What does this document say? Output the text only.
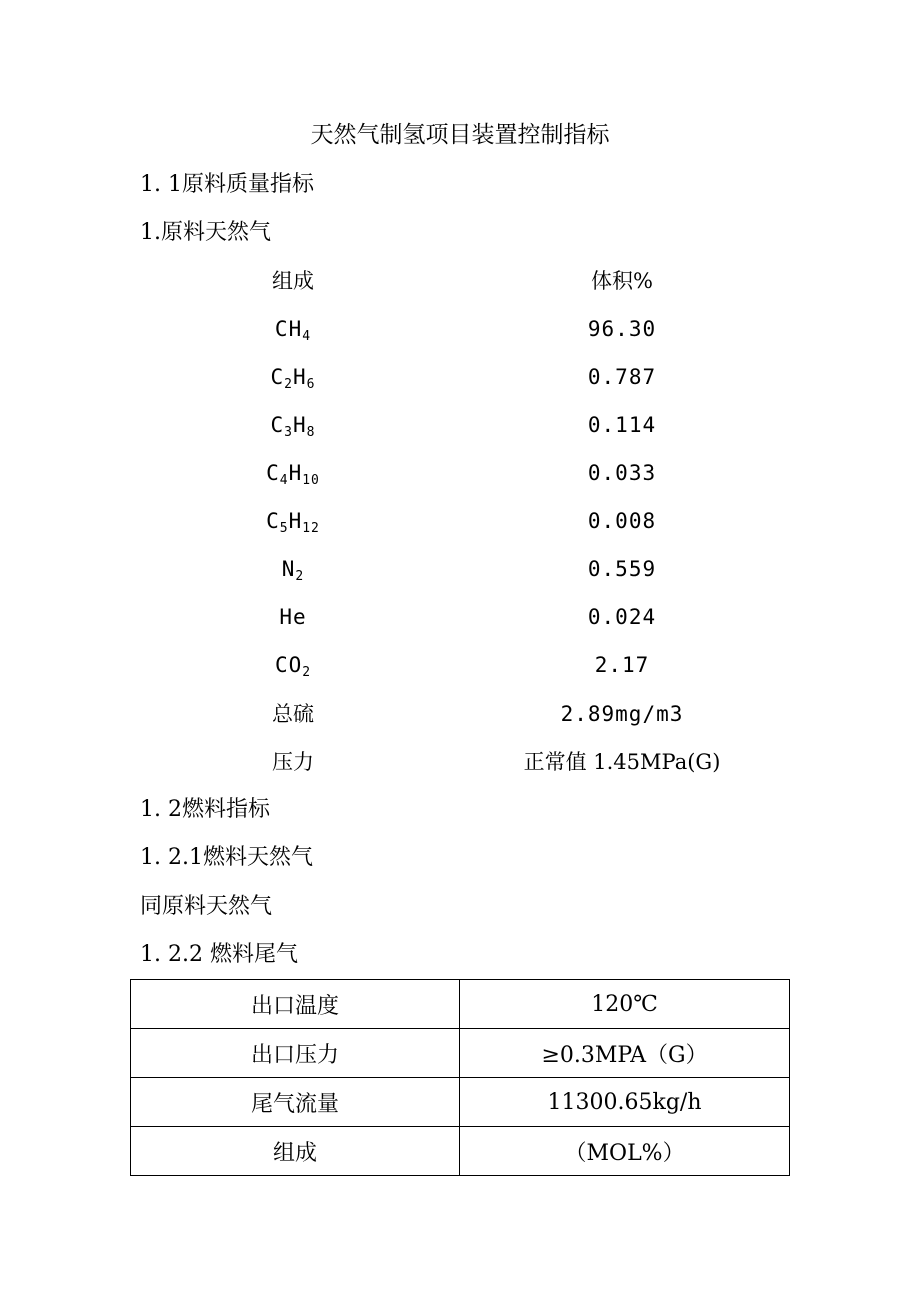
天然气制氢项目装置控制指标
1. 1原料质量指标
1.原料天然气
组成	体积%
$CH_4$	96.30
$C_2H_6$	0.787
$C_3H_8$	0.114
$C_4H_{10}$	0.033
$C_5H_{12}$	0.008
$N_2$	0.559
He	0.024
$CO_2$	2.17
总硫	2.89mg/m3
压力	正常值 1.45MPa(G)
1. 2燃料指标
1. 2.1燃料天然气
同原料天然气
1. 2.2 燃料尾气
出口温度	120℃
出口压力	≥0.3MPA（G）
尾气流量	11300.65kg/h
组成	（MOL%）
